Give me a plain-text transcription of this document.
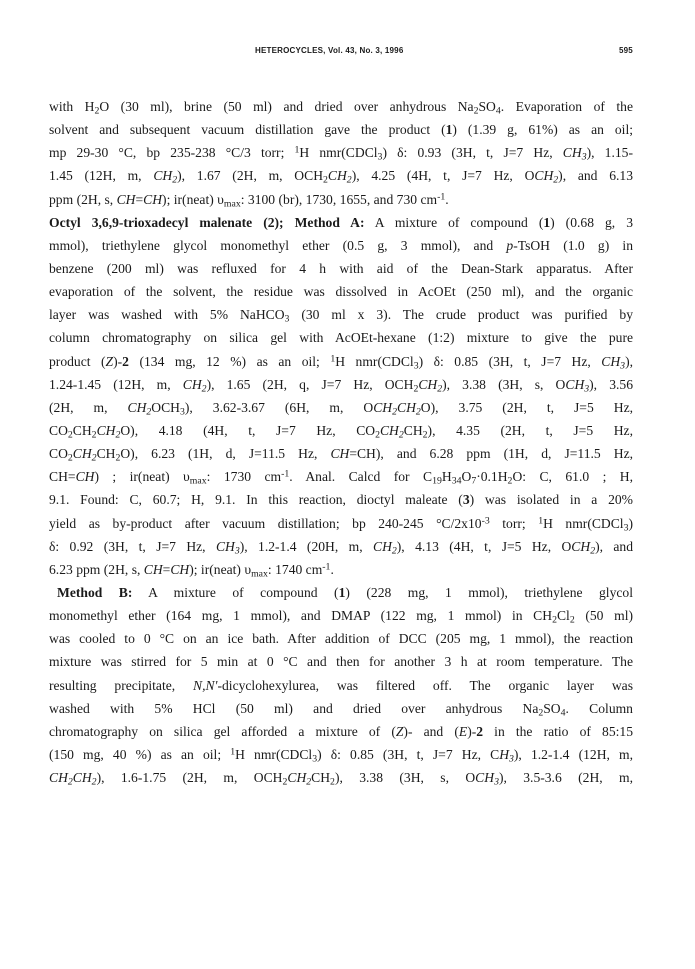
HETEROCYCLES, Vol. 43, No. 3, 1996	595
with $H_2O$ (30 ml), brine (50 ml) and dried over anhydrous $Na_2SO_4$. Evaporation of the
solvent and subsequent vacuum distillation gave the product (1) (1.39 g, 61%) as an oil;
mp 29-30 °C, bp 235-238 °C/3 torr; $^1$H nmr(CDCl$_3$) δ: 0.93 (3H, t, J=7 Hz, $CH_3$), 1.15-
1.45 (12H, m, $CH_2$), 1.67 (2H, m, $OCH_2CH_2$), 4.25 (4H, t, J=7 Hz, $OCH_2$), and 6.13
ppm (2H, s, CH=CH); ir(neat) $\upsilon_{max}$: 3100 (br), 1730, 1655, and 730 $cm^{-1}$.
Octyl 3,6,9-trioxadecyl malenate (2); Method A: A mixture of compound (1) (0.68 g, 3
mmol), triethylene glycol monomethyl ether (0.5 g, 3 mmol), and p-TsOH (1.0 g) in
benzene (200 ml) was refluxed for 4 h with aid of the Dean-Stark apparatus. After
evaporation of the solvent, the residue was dissolved in AcOEt (250 ml), and the organic
layer was washed with 5% NaHCO$_3$ (30 ml x 3). The crude product was purified by
column chromatography on silica gel with AcOEt-hexane (1:2) mixture to give the pure
product (Z)-2 (134 mg, 12 %) as an oil; $^1$H nmr(CDCl$_3$) δ: 0.85 (3H, t, J=7 Hz, $CH_3$),
1.24-1.45 (12H, m, $CH_2$), 1.65 (2H, q, J=7 Hz, $OCH_2CH_2$), 3.38 (3H, s, $OCH_3$), 3.56
(2H, m, $CH_2OCH_3$), 3.62-3.67 (6H, m, $OCH_2CH_2O$), 3.75 (2H, t, J=5 Hz,
$CO_2CH_2CH_2O$), 4.18 (4H, t, J=7 Hz, $CO_2CH_2CH_2$), 4.35 (2H, t, J=5 Hz,
$CO_2CH_2CH_2O$), 6.23 (1H, d, J=11.5 Hz, CH=CH), and 6.28 ppm (1H, d, J=11.5 Hz,
CH=CH) ; ir(neat) $\upsilon_{max}$: 1730 $cm^{-1}$. Anal. Calcd for $C_{19}H_{34}O_7\cdot 0.1H_2O$: C, 61.0 ; H,
9.1. Found: C, 60.7; H, 9.1. In this reaction, dioctyl maleate (3) was isolated in a 20%
yield as by-product after vacuum distillation; bp 240-245 $^\circ C/2x10^{-3}$ torr; $^1$H nmr(CDCl$_3$)
δ: 0.92 (3H, t, J=7 Hz, $CH_3$), 1.2-1.4 (20H, m, $CH_2$), 4.13 (4H, t, J=5 Hz, $OCH_2$), and
6.23 ppm (2H, s, CH=CH); ir(neat) $\upsilon_{max}$: 1740 $cm^{-1}$.
Method B: A mixture of compound (1) (228 mg, 1 mmol), triethylene glycol
monomethyl ether (164 mg, 1 mmol), and DMAP (122 mg, 1 mmol) in $CH_2Cl_2$ (50 ml)
was cooled to 0 °C on an ice bath. After addition of DCC (205 mg, 1 mmol), the reaction
mixture was stirred for 5 min at 0 °C and then for another 3 h at room temperature. The
resulting precipitate, N,N'-dicyclohexylurea, was filtered off. The organic layer was
washed with 5% HCl (50 ml) and dried over anhydrous $Na_2SO_4$. Column
chromatography on silica gel afforded a mixture of (Z)- and (E)-2 in the ratio of 85:15
(150 mg, 40 %) as an oil; $^1$H nmr(CDCl$_3$) δ: 0.85 (3H, t, J=7 Hz, $CH_3$), 1.2-1.4 (12H, m,
$CH_2CH_2$), 1.6-1.75 (2H, m, $OCH_2CH_2CH_2$), 3.38 (3H, s, $OCH_3$), 3.5-3.6 (2H, m,
